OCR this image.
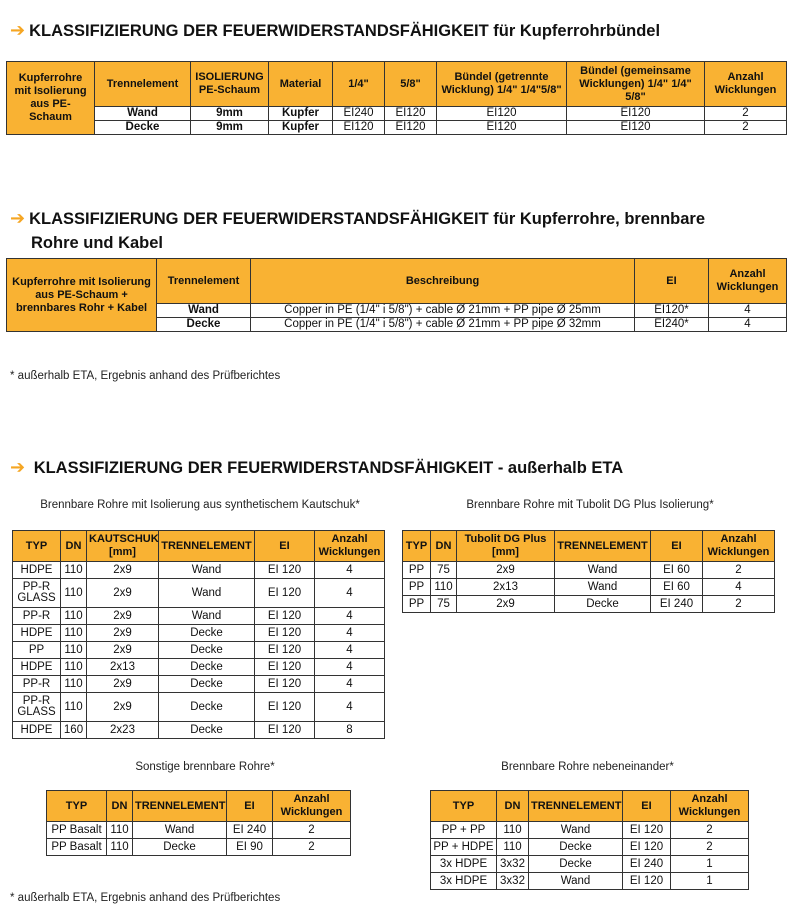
➔ KLASSIFIZIERUNG DER FEUERWIDERSTANDSFÄHIGKEIT für Kupferrohrbündel
Kupferrohre mit Isolierung aus PE-Schaum	Trennelement	ISOLIERUNG PE-Schaum	Material	1/4"	5/8"	Bündel (getrennte Wicklung) 1/4" 1/4"5/8"	Bündel (gemeinsame Wicklungen) 1/4" 1/4" 5/8"	Anzahl Wicklungen
	Wand	9mm	Kupfer	EI240	EI120	EI120	EI120	2
	Decke	9mm	Kupfer	EI120	EI120	EI120	EI120	2
➔ KLASSIFIZIERUNG DER FEUERWIDERSTANDSFÄHIGKEIT für Kupferrohre, brennbare
Rohre und Kabel
Kupferrohre mit Isolierung aus PE-Schaum + brennbares Rohr + Kabel	Trennelement	Beschreibung	EI	Anzahl Wicklungen
	Wand	Copper in PE (1/4" i 5/8") + cable Ø 21mm + PP pipe Ø 25mm	EI120*	4
	Decke	Copper in PE (1/4" i 5/8") + cable Ø 21mm + PP pipe Ø 32mm	EI240*	4
* außerhalb ETA, Ergebnis anhand des Prüfberichtes
➔ KLASSIFIZIERUNG DER FEUERWIDERSTANDSFÄHIGKEIT - außerhalb ETA
Brennbare Rohre mit Isolierung aus synthetischem Kautschuk*
TYP	DN	KAUTSCHUK [mm]	TRENNELEMENT	EI	Anzahl Wicklungen
HDPE	110	2x9	Wand	EI 120	4
PP-R GLASS	110	2x9	Wand	EI 120	4
PP-R	110	2x9	Wand	EI 120	4
HDPE	110	2x9	Decke	EI 120	4
PP	110	2x9	Decke	EI 120	4
HDPE	110	2x13	Decke	EI 120	4
PP-R	110	2x9	Decke	EI 120	4
PP-R GLASS	110	2x9	Decke	EI 120	4
HDPE	160	2x23	Decke	EI 120	8
Brennbare Rohre mit Tubolit DG Plus Isolierung*
TYP	DN	Tubolit DG Plus [mm]	TRENNELEMENT	EI	Anzahl Wicklungen
PP	75	2x9	Wand	EI 60	2
PP	110	2x13	Wand	EI 60	4
PP	75	2x9	Decke	EI 240	2
Sonstige brennbare Rohre*
TYP	DN	TRENNELEMENT	EI	Anzahl Wicklungen
PP Basalt	110	Wand	EI 240	2
PP Basalt	110	Decke	EI 90	2
Brennbare Rohre nebeneinander*
TYP	DN	TRENNELEMENT	EI	Anzahl Wicklungen
PP + PP	110	Wand	EI 120	2
PP + HDPE	110	Decke	EI 120	2
3x HDPE	3x32	Decke	EI 240	1
3x HDPE	3x32	Wand	EI 120	1
* außerhalb ETA, Ergebnis anhand des Prüfberichtes
